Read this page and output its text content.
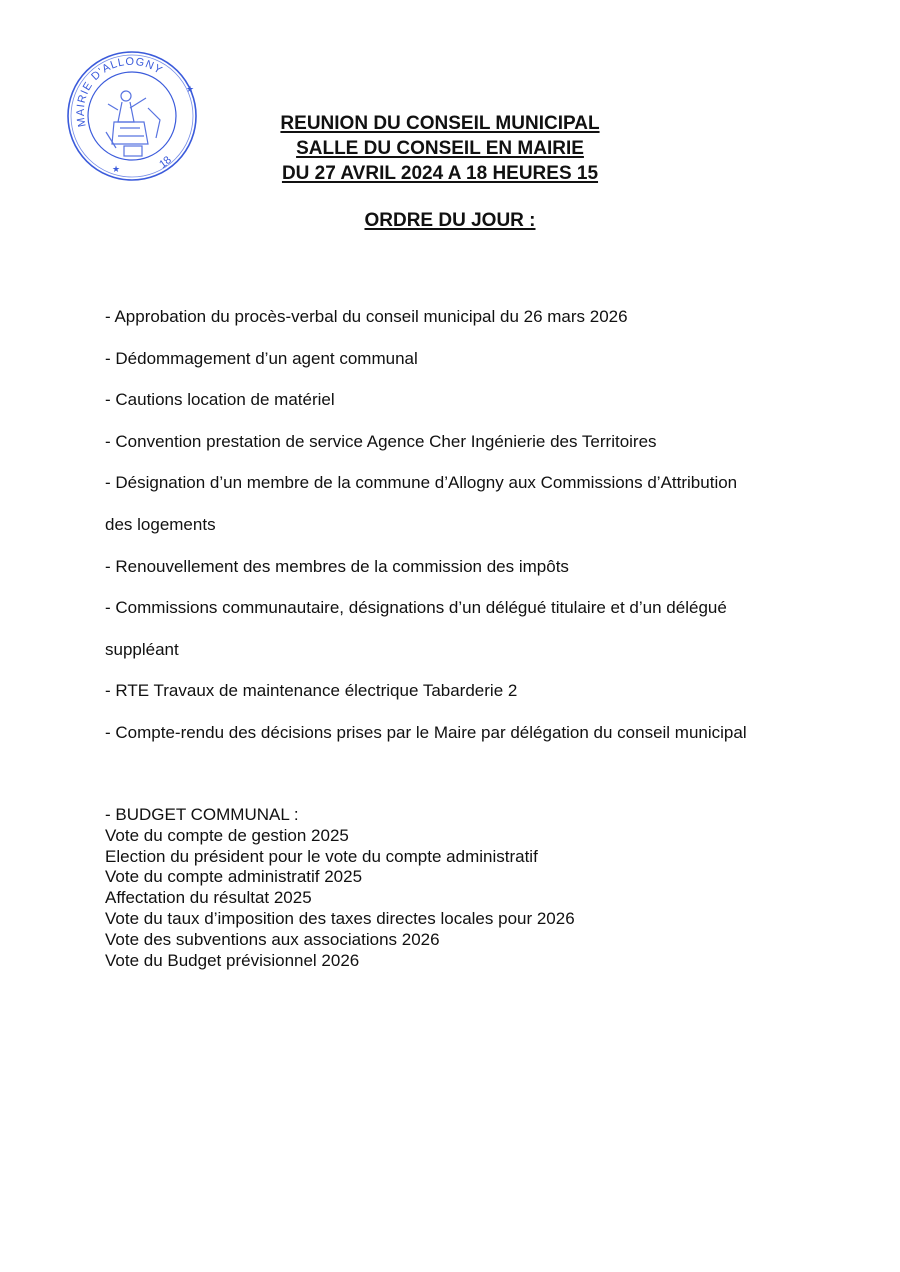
MAIRIE D'ALLOGNY
18
★
★
REUNION DU CONSEIL MUNICIPAL
SALLE DU CONSEIL EN MAIRIE
DU 27 AVRIL 2024 A 18 HEURES 15
ORDRE DU JOUR :
- Approbation du procès-verbal du conseil municipal du 26 mars 2026
- Dédommagement d’un agent communal
- Cautions location de matériel
- Convention prestation de service Agence Cher Ingénierie des Territoires
- Désignation d’un membre de la commune d’Allogny aux Commissions d’Attribution
des logements
- Renouvellement des membres de la commission des impôts
- Commissions communautaire, désignations d’un délégué titulaire et d’un délégué
suppléant
- RTE Travaux de maintenance électrique Tabarderie 2
- Compte-rendu des décisions prises par le Maire par délégation du conseil municipal
- BUDGET COMMUNAL :
Vote du compte de gestion 2025
Election du président pour le vote du compte administratif
Vote du compte administratif 2025
Affectation du résultat 2025
Vote du taux d’imposition des taxes directes locales pour 2026
Vote des subventions aux associations 2026
Vote du Budget prévisionnel 2026
